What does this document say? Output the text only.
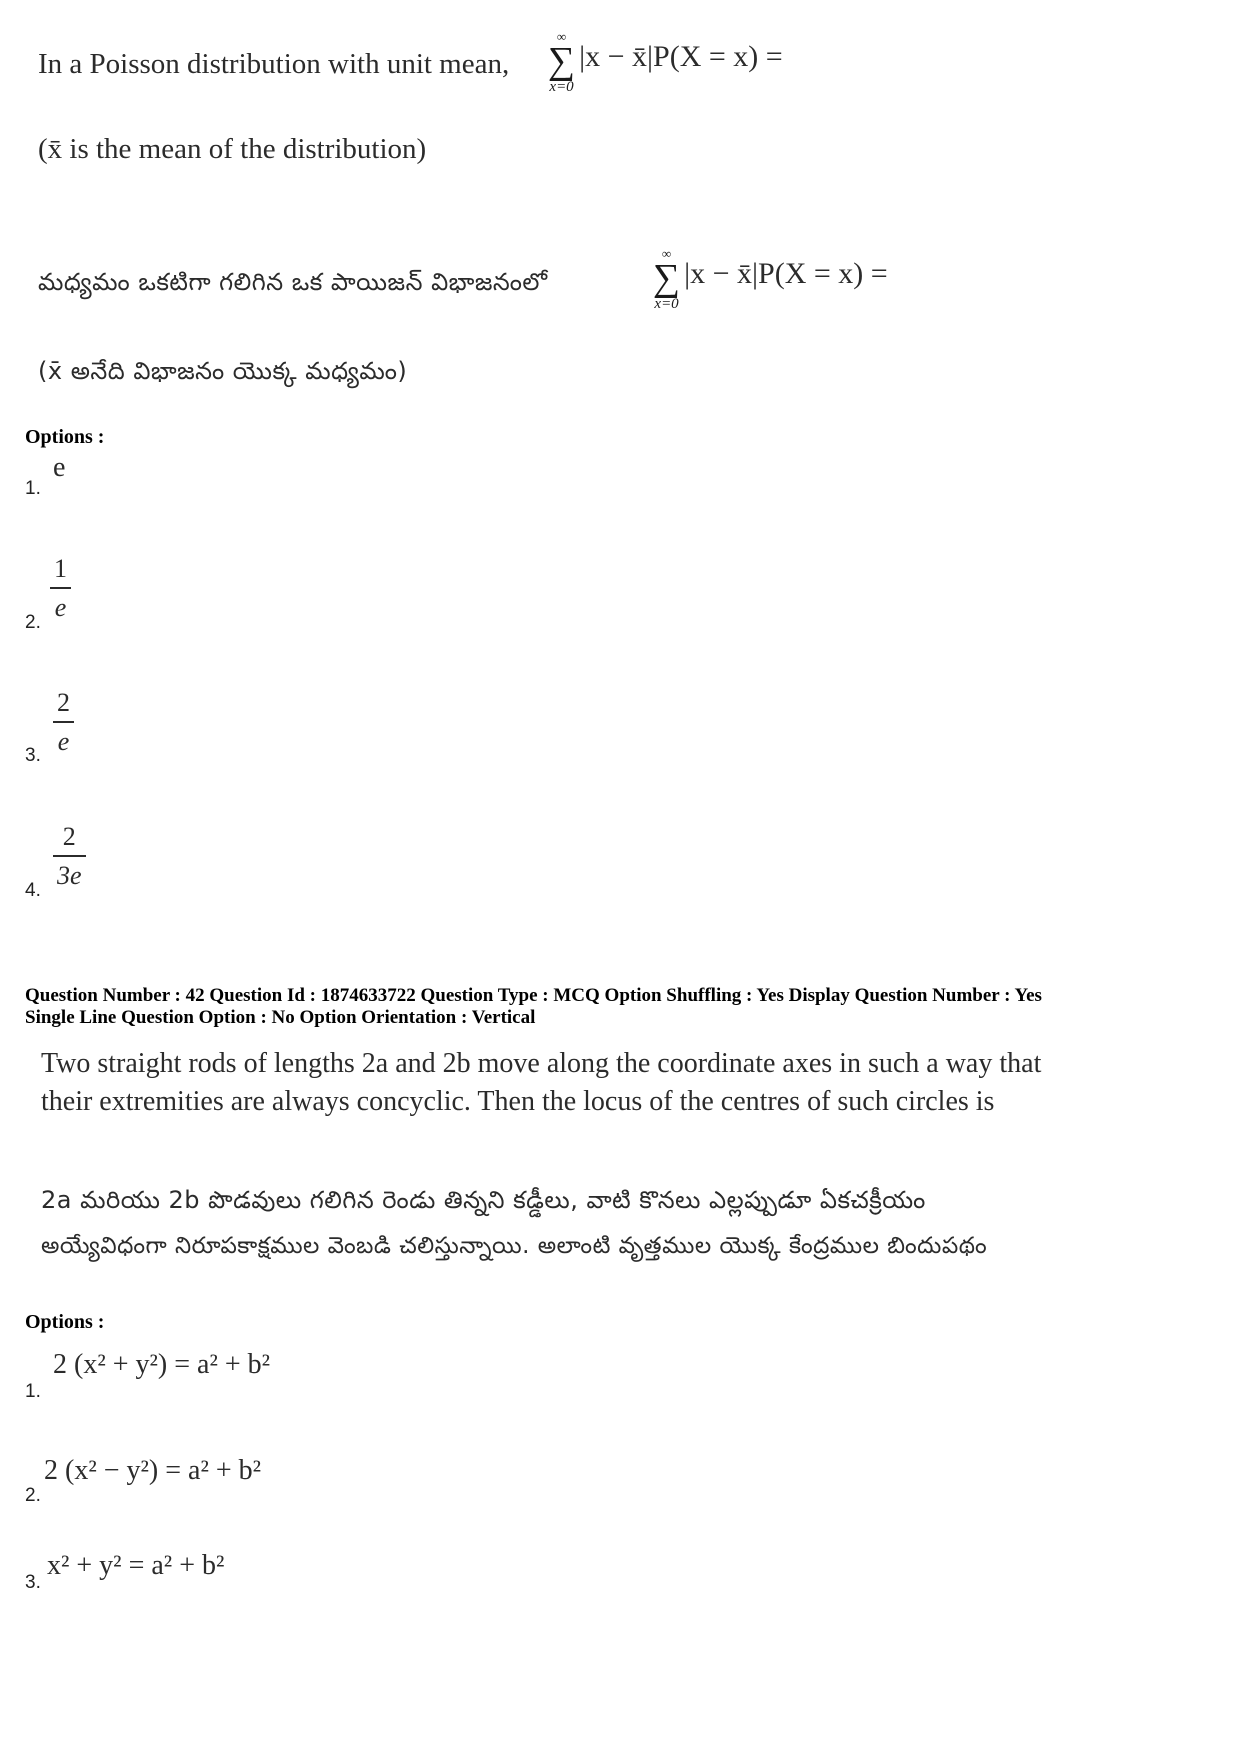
In a Poisson distribution with unit mean,
∞
∑
x=0
|x − x̄|P(X = x) =
(x̄ is the mean of the distribution)
మధ్యమం ఒకటిగా గలిగిన ఒక పాయిజన్ విభాజనంలో
∞
∑
x=0
|x − x̄|P(X = x) =
(x̄ అనేది విభాజనం యొక్క మధ్యమం)
Options :
1.
e
2. $\frac{1}{e}$
3. $\frac{2}{e}$
4. $\frac{2}{3e}$
Question Number : 42 Question Id : 1874633722 Question Type : MCQ Option Shuffling : Yes Display Question Number : Yes
Single Line Question Option : No Option Orientation : Vertical
Two straight rods of lengths 2a and 2b move along the coordinate axes in such a way that
their extremities are always concyclic. Then the locus of the centres of such circles is
2a మరియు 2b పొడవులు గలిగిన రెండు తిన్నని కడ్డీలు, వాటి కొనలు ఎల్లప్పుడూ ఏకచక్రీయం
అయ్యేవిధంగా నిరూపకాక్షముల వెంబడి చలిస్తున్నాయి. అలాంటి వృత్తముల యొక్క కేంద్రముల బిందుపథం
Options :
1.
2 (x² + y²) = a² + b²
2.
2 (x² − y²) = a² + b²
3.
x² + y² = a² + b²
